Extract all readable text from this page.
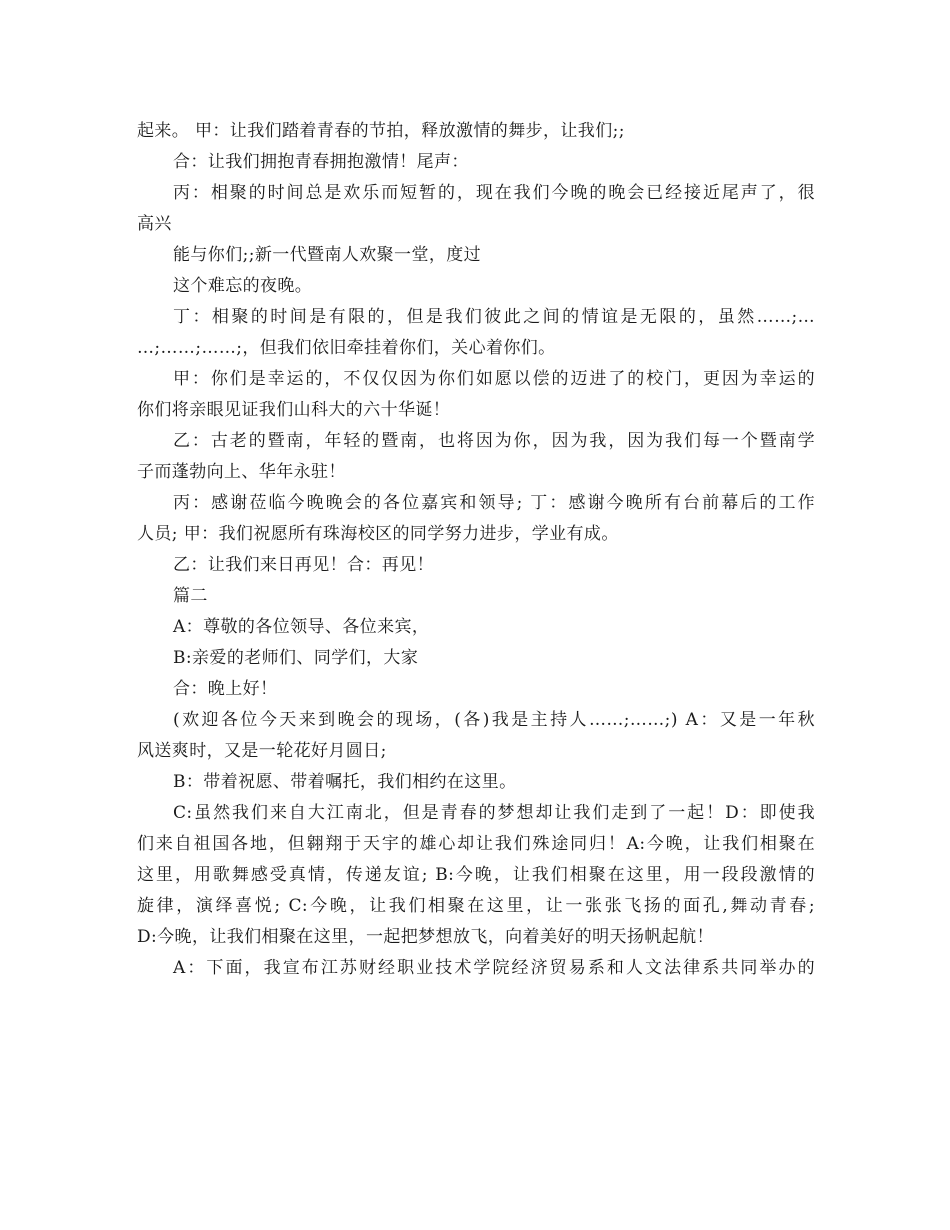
起来。 甲：让我们踏着青春的节拍，释放激情的舞步，让我们;;
合：让我们拥抱青春拥抱激情！尾声：
丙：相聚的时间总是欢乐而短暂的，现在我们今晚的晚会已经接近尾声了，很
高兴
能与你们;;新一代暨南人欢聚一堂，度过
这个难忘的夜晚。
丁：相聚的时间是有限的，但是我们彼此之间的情谊是无限的，虽然……;…
…;……;……;，但我们依旧牵挂着你们，关心着你们。
甲：你们是幸运的，不仅仅因为你们如愿以偿的迈进了的校门，更因为幸运的
你们将亲眼见证我们山科大的六十华诞！
乙：古老的暨南，年轻的暨南，也将因为你，因为我，因为我们每一个暨南学
子而蓬勃向上、华年永驻！
丙：感谢莅临今晚晚会的各位嘉宾和领导; 丁：感谢今晚所有台前幕后的工作
人员; 甲：我们祝愿所有珠海校区的同学努力进步，学业有成。
乙：让我们来日再见！合：再见！
篇二
A：尊敬的各位领导、各位来宾，
B:亲爱的老师们、同学们，大家
合：晚上好！
(欢迎各位今天来到晚会的现场，(各)我是主持人……;……;) A：又是一年秋
风送爽时，又是一轮花好月圆日;
B：带着祝愿、带着嘱托，我们相约在这里。
C:虽然我们来自大江南北，但是青春的梦想却让我们走到了一起！D：即使我
们来自祖国各地，但翱翔于天宇的雄心却让我们殊途同归！A:今晚，让我们相聚在
这里，用歌舞感受真情，传递友谊; B:今晚，让我们相聚在这里，用一段段激情的
旋律，演绎喜悦; C:今晚，让我们相聚在这里，让一张张飞扬的面孔,舞动青春;
D:今晚，让我们相聚在这里，一起把梦想放飞，向着美好的明天扬帆起航！
A：下面，我宣布江苏财经职业技术学院经济贸易系和人文法律系共同举办的
